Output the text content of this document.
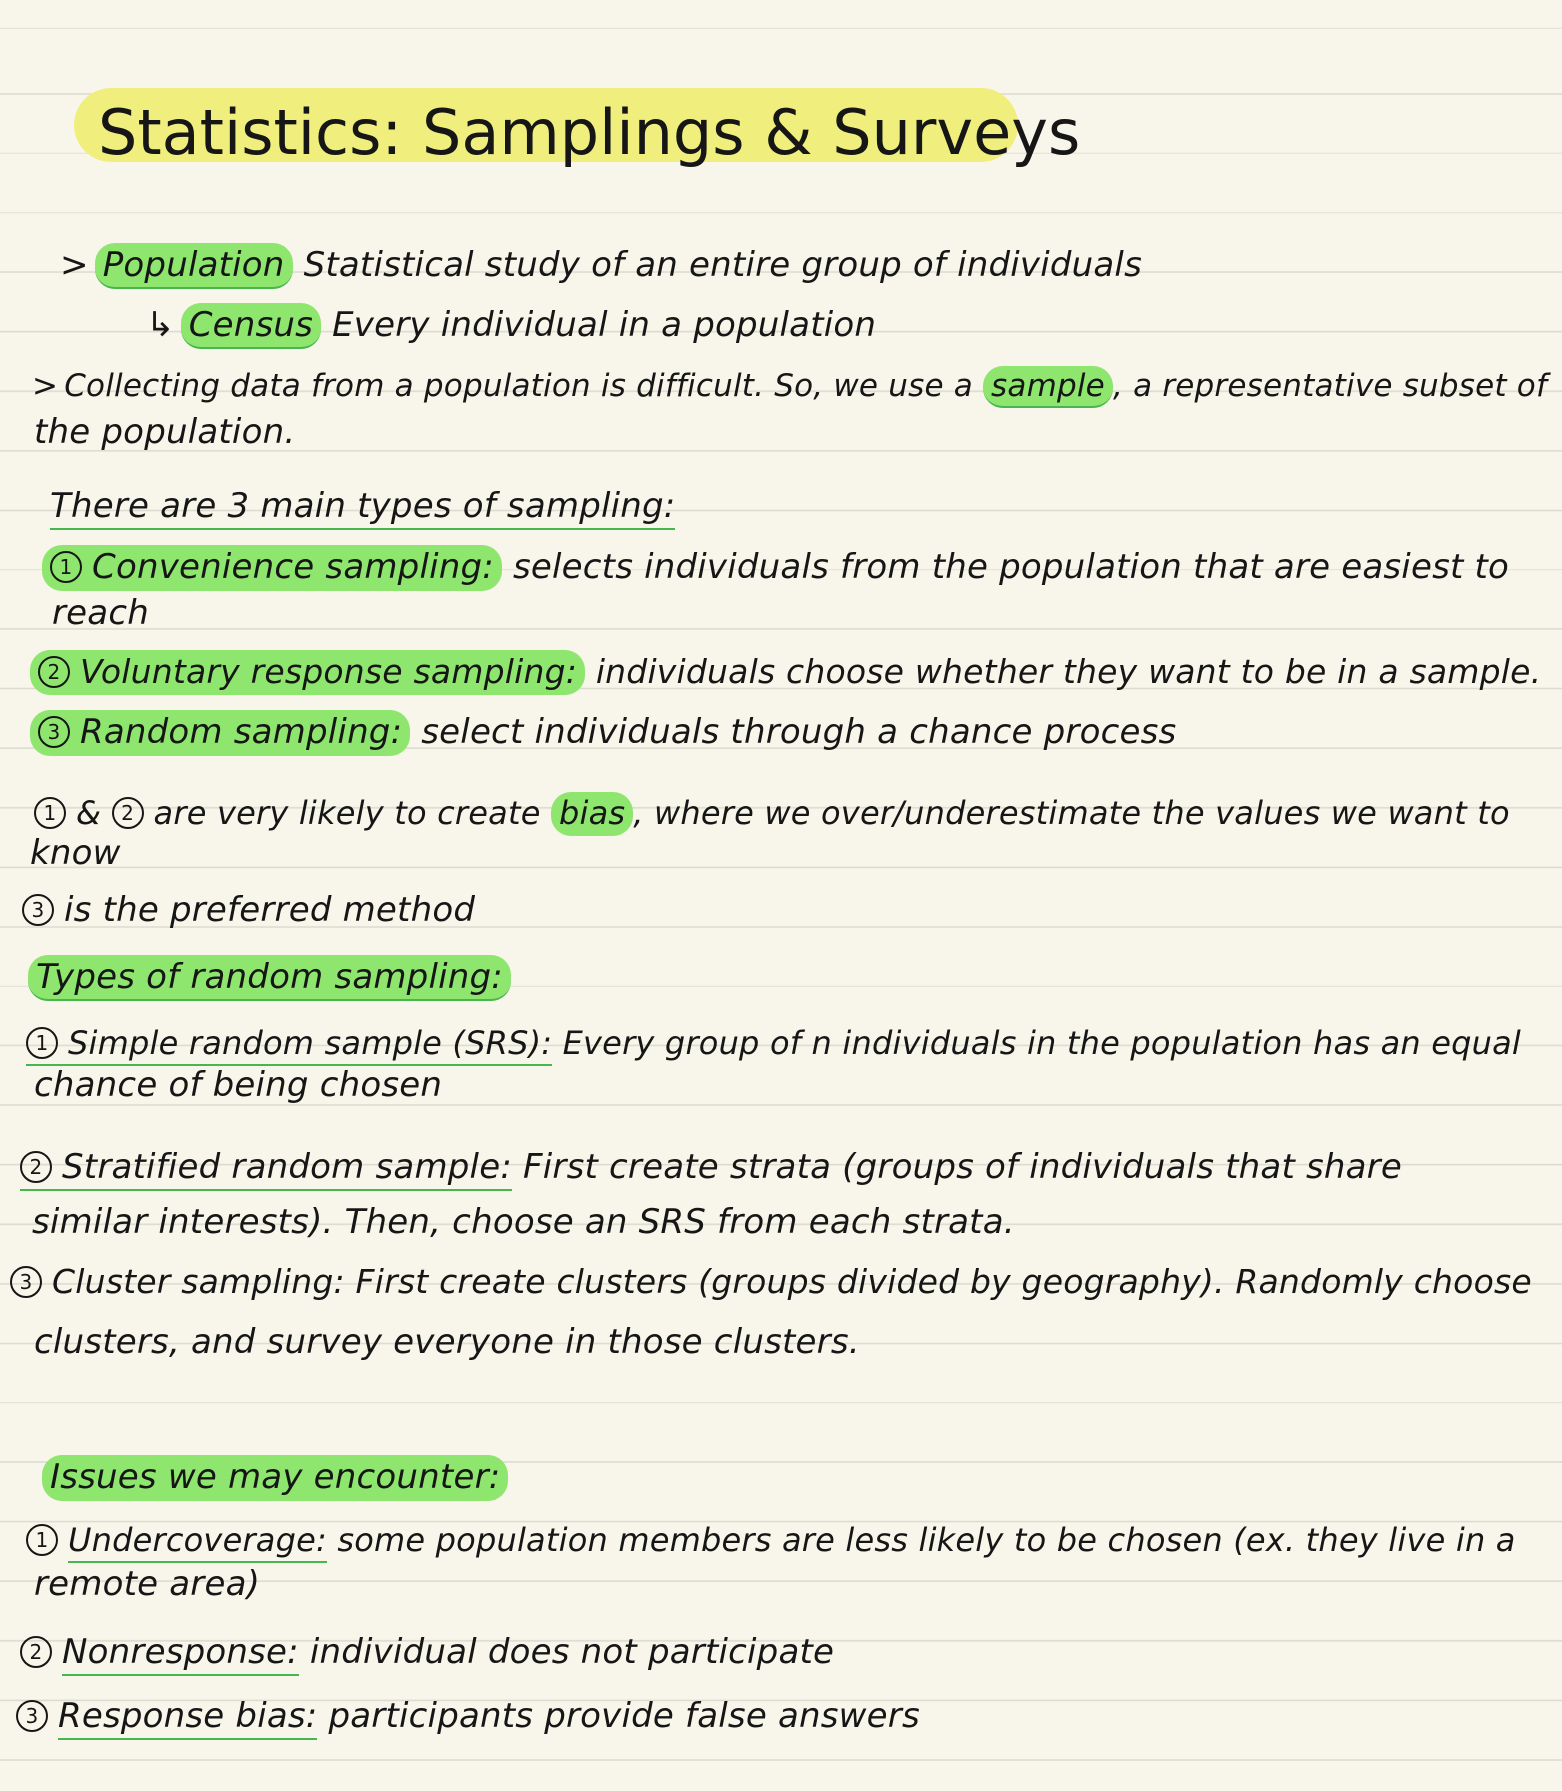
Statistics: Samplings & Surveys
> Population Statistical study of an entire group of individuals
↳ Census Every individual in a population
> Collecting data from a population is difficult. So, we use a sample , a representative subset of
the population.
There are 3 main types of sampling:
1 Convenience sampling: selects individuals from the population that are easiest to
reach
2 Voluntary response sampling: individuals choose whether they want to be in a sample.
3 Random sampling: select individuals through a chance process
1 & 2 are very likely to create bias , where we over/underestimate the values we want to
know
3 is the preferred method
Types of random sampling:
1 Simple random sample (SRS): Every group of n individuals in the population has an equal
chance of being chosen
2 Stratified random sample: First create strata (groups of individuals that share
similar interests). Then, choose an SRS from each strata.
3 Cluster sampling: First create clusters (groups divided by geography). Randomly choose
clusters, and survey everyone in those clusters.
Issues we may encounter:
1 Undercoverage: some population members are less likely to be chosen (ex. they live in a
remote area)
2 Nonresponse: individual does not participate
3 Response bias: participants provide false answers
